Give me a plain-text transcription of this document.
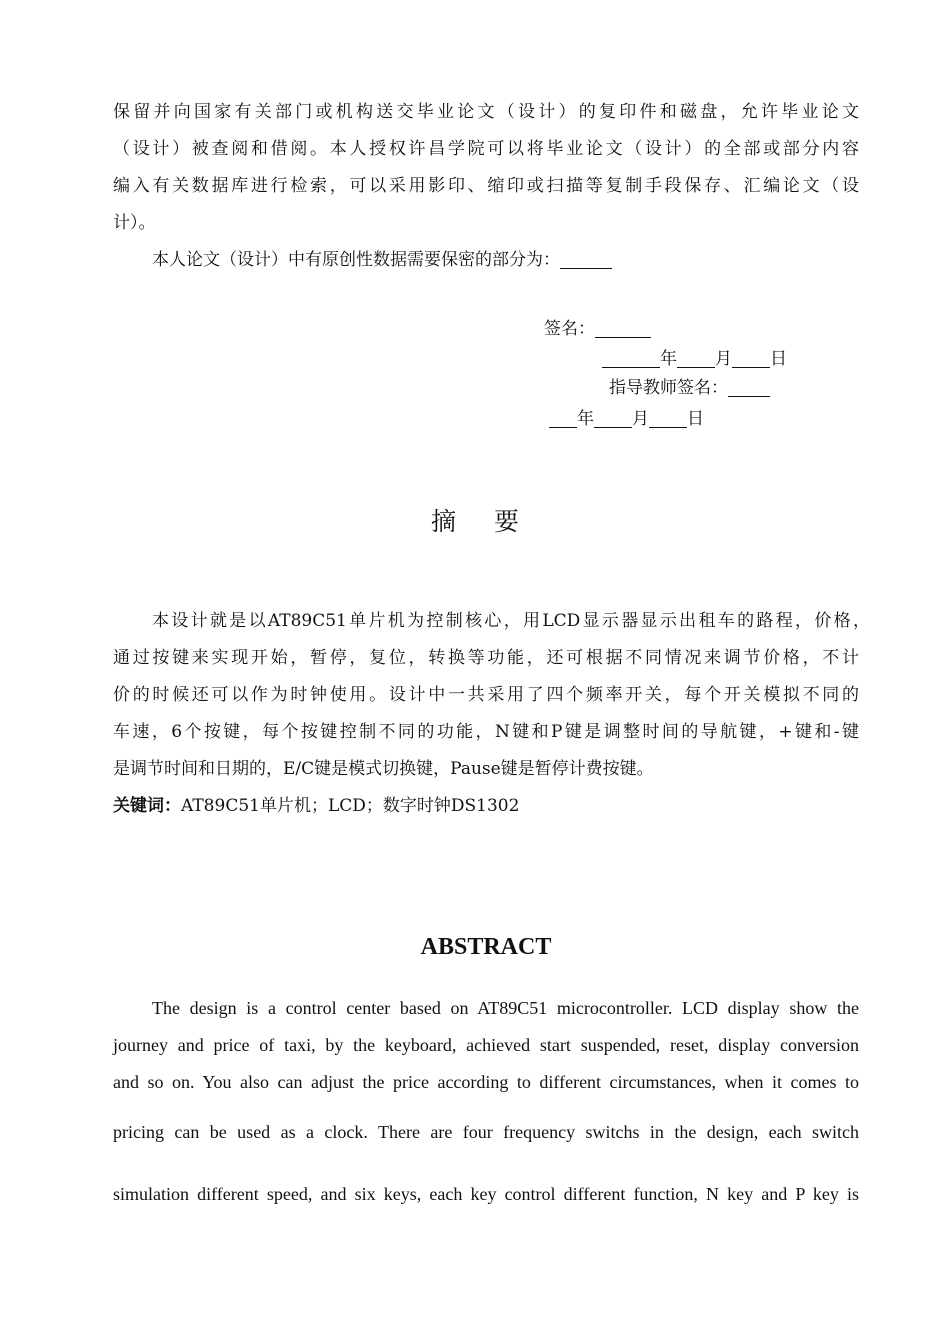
保留并向国家有关部门或机构送交毕业论文（设计）的复印件和磁盘，允许毕业论文
（设计）被查阅和借阅。本人授权许昌学院可以将毕业论文（设计）的全部或部分内容
编入有关数据库进行检索，可以采用影印、缩印或扫描等复制手段保存、汇编论文（设
计）。
本人论文（设计）中有原创性数据需要保密的部分为：
签名：
年 月 日
指导教师签名：
年 月 日
摘要
本设计就是以AT89C51单片机为控制核心，用LCD显示器显示出租车的路程，价格，
通过按键来实现开始，暂停，复位，转换等功能，还可根据不同情况来调节价格，不计
价的时候还可以作为时钟使用。设计中一共采用了四个频率开关，每个开关模拟不同的
车速，6个按键，每个按键控制不同的功能，N键和P键是调整时间的导航键，+键和-键
是调节时间和日期的，E/C键是模式切换键，Pause键是暂停计费按键。
关键词：AT89C51单片机；LCD；数字时钟DS1302
ABSTRACT
The design is a control center based on AT89C51 microcontroller. LCD display show the
journey and price of taxi, by the keyboard, achieved start suspended, reset, display conversion
and so on. You also can adjust the price according to different circumstances, when it comes to
pricing can be used as a clock. There are four frequency switchs in the design, each switch
simulation different speed, and six keys, each key control different function, N key and P key is
